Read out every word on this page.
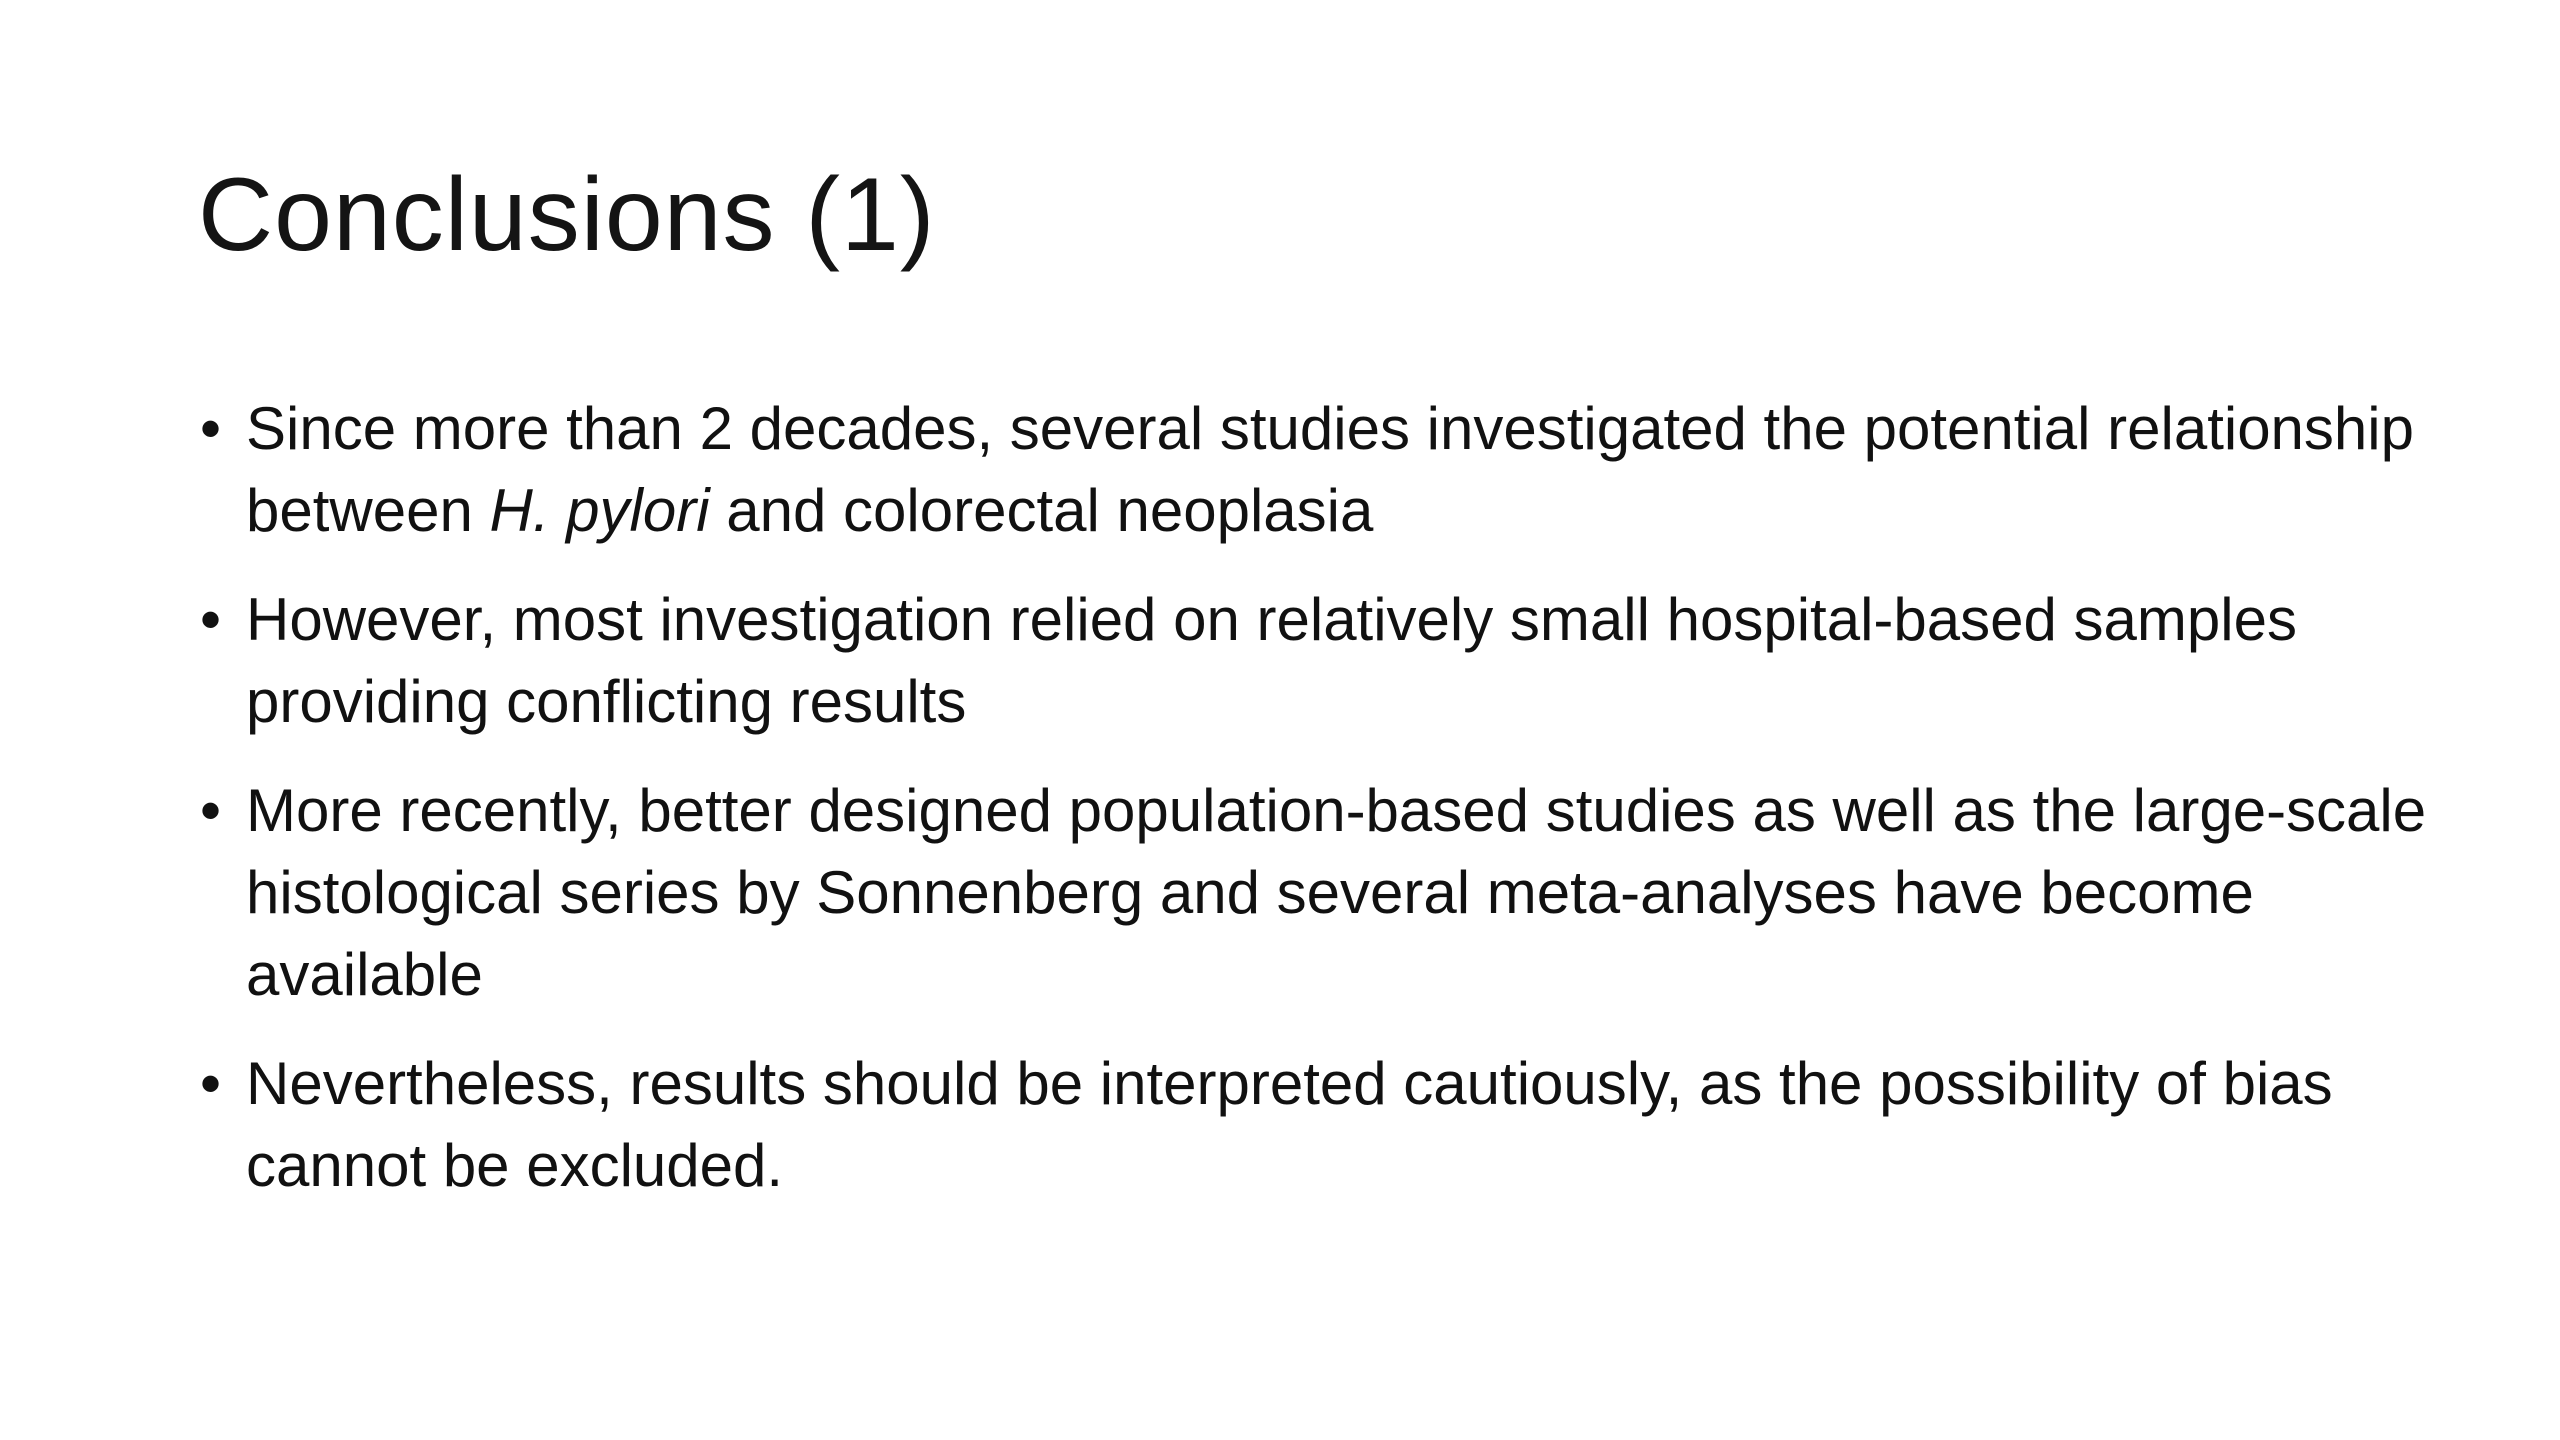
Conclusions (1)
• Since more than 2 decades, several studies investigated the potential relationship between H. pylori and colorectal neoplasia
• However, most investigation relied on relatively small hospital-based samples providing conflicting results
• More recently, better designed population-based studies as well as the large-scale histological series by Sonnenberg and several meta-analyses have become available
• Nevertheless, results should be interpreted cautiously, as the possibility of bias cannot be excluded.
